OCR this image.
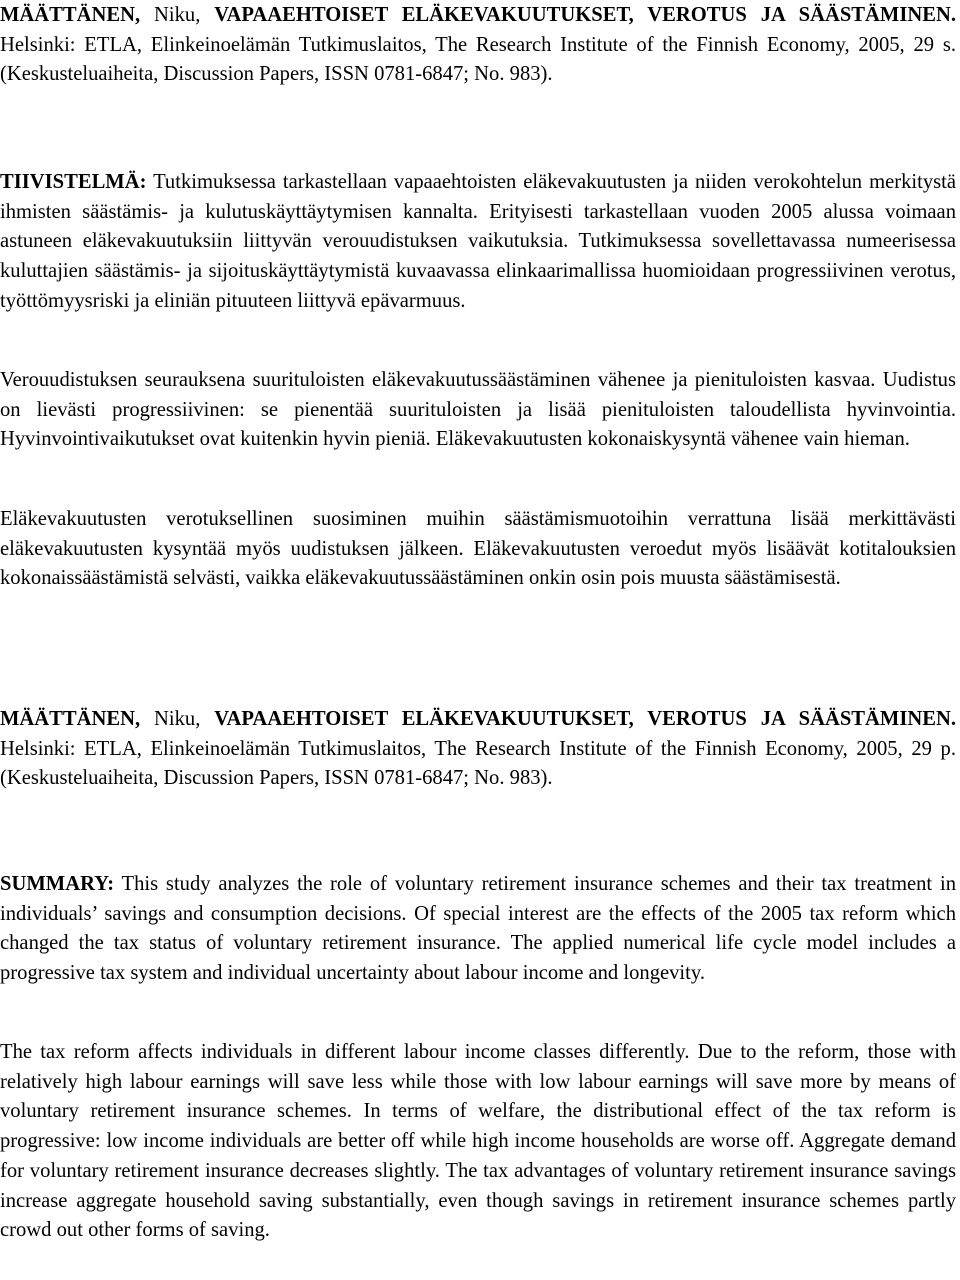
MÄÄTTÄNEN, Niku, VAPAAEHTOISET ELÄKEVAKUUTUKSET, VEROTUS JA SÄÄSTÄMINEN. Helsinki: ETLA, Elinkeinoelämän Tutkimuslaitos, The Research Institute of the Finnish Economy, 2005, 29 s. (Keskusteluaiheita, Discussion Papers, ISSN 0781-6847; No. 983).

TIIVISTELMÄ: Tutkimuksessa tarkastellaan vapaaehtoisten eläkevakuutusten ja niiden verokohtelun merkitystä ihmisten säästämis- ja kulutuskäyttäytymisen kannalta. Erityisesti tarkastellaan vuoden 2005 alussa voimaan astuneen eläkevakuutuksiin liittyvän verouudistuksen vaikutuksia. Tutkimuksessa sovellettavassa numeerisessa kuluttajien säästämis- ja sijoituskäyttäytymistä kuvaavassa elinkaarimallissa huomioidaan progressiivinen verotus, työttömyysriski ja eliniän pituuteen liittyvä epävarmuus.

Verouudistuksen seurauksena suurituloisten eläkevakuutussäästäminen vähenee ja pienituloisten kasvaa. Uudistus on lievästi progressiivinen: se pienentää suurituloisten ja lisää pienituloisten taloudellista hyvinvointia. Hyvinvointivaikutukset ovat kuitenkin hyvin pieniä. Eläkevakuutusten kokonaiskysyntä vähenee vain hieman.

Eläkevakuutusten verotuksellinen suosiminen muihin säästämismuotoihin verrattuna lisää merkittävästi eläkevakuutusten kysyntää myös uudistuksen jälkeen. Eläkevakuutusten veroedut myös lisäävät kotitalouksien kokonaissäästämistä selvästi, vaikka eläkevakuutussäästäminen onkin osin pois muusta säästämisestä.

MÄÄTTÄNEN, Niku, VAPAAEHTOISET ELÄKEVAKUUTUKSET, VEROTUS JA SÄÄSTÄMINEN. Helsinki: ETLA, Elinkeinoelämän Tutkimuslaitos, The Research Institute of the Finnish Economy, 2005, 29 p. (Keskusteluaiheita, Discussion Papers, ISSN 0781-6847; No. 983).

SUMMARY: This study analyzes the role of voluntary retirement insurance schemes and their tax treatment in individuals’ savings and consumption decisions. Of special interest are the effects of the 2005 tax reform which changed the tax status of voluntary retirement insurance. The applied numerical life cycle model includes a progressive tax system and individual uncertainty about labour income and longevity.

The tax reform affects individuals in different labour income classes differently. Due to the reform, those with relatively high labour earnings will save less while those with low labour earnings will save more by means of voluntary retirement insurance schemes. In terms of welfare, the distributional effect of the tax reform is progressive: low income individuals are better off while high income households are worse off. Aggregate demand for voluntary retirement insurance decreases slightly. The tax advantages of voluntary retirement insurance savings increase aggregate household saving substantially, even though savings in retirement insurance schemes partly crowd out other forms of saving.
